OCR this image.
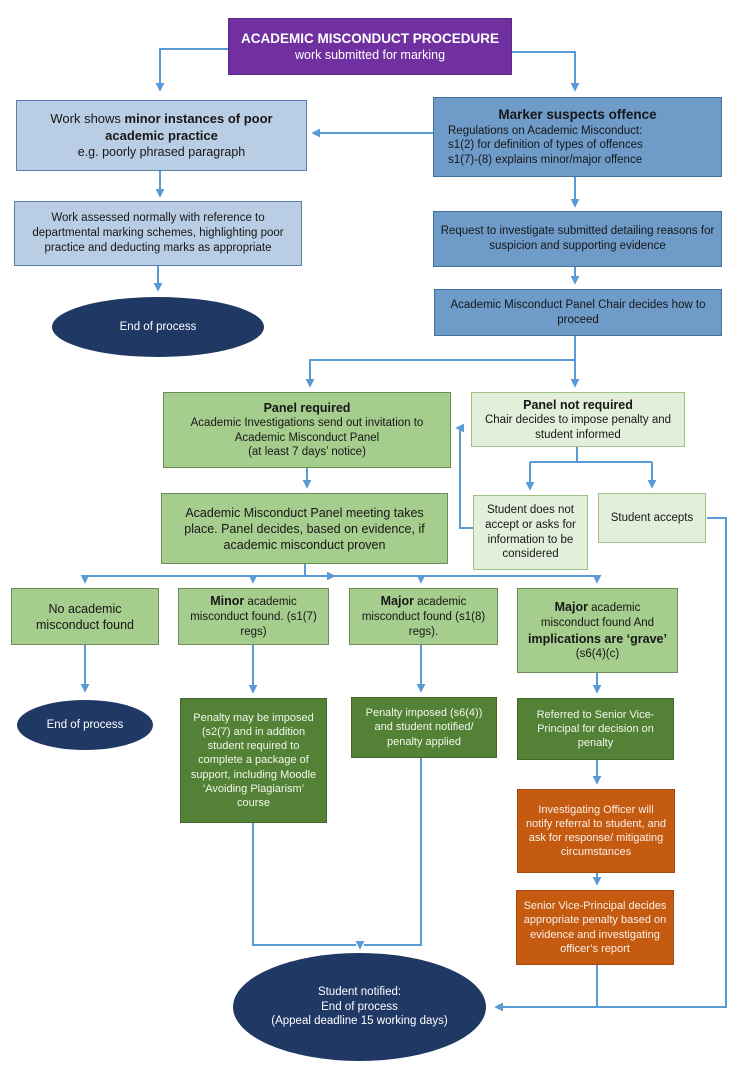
ACADEMIC MISCONDUCT PROCEDURE
work submitted for marking
Work shows minor instances of poor academic practice
e.g. poorly phrased paragraph
Work assessed normally with reference to departmental marking schemes, highlighting poor practice and deducting marks as appropriate
End of process
Marker suspects offence
Regulations on Academic Misconduct:
s1(2) for definition of types of offences
s1(7)-(8) explains minor/major offence
Request to investigate submitted detailing reasons for suspicion and supporting evidence
Academic Misconduct Panel Chair decides how to proceed
Panel required
Academic Investigations send out invitation to Academic Misconduct Panel
(at least 7 days’ notice)
Panel not required
Chair decides to impose penalty and student informed
Academic Misconduct Panel meeting takes place. Panel decides, based on evidence, if academic misconduct proven
Student does not accept or asks for information to be considered
Student accepts
No academic misconduct found
Minor academic misconduct found. (s1(7) regs)
Major academic misconduct found (s1(8) regs).
Major academic misconduct found And implications are ‘grave’ (s6(4)(c)
End of process
Penalty may be imposed (s2(7) and in addition student required to complete a package of support, including Moodle ‘Avoiding Plagiarism’ course
Penalty imposed (s6(4)) and student notified/ penalty applied
Referred to Senior Vice-Principal for decision on penalty
Investigating Officer will notify referral to student, and ask for response/ mitigating circumstances
Senior Vice-Principal decides appropriate penalty based on evidence and investigating officer’s report
Student notified:
End of process
(Appeal deadline 15 working days)
